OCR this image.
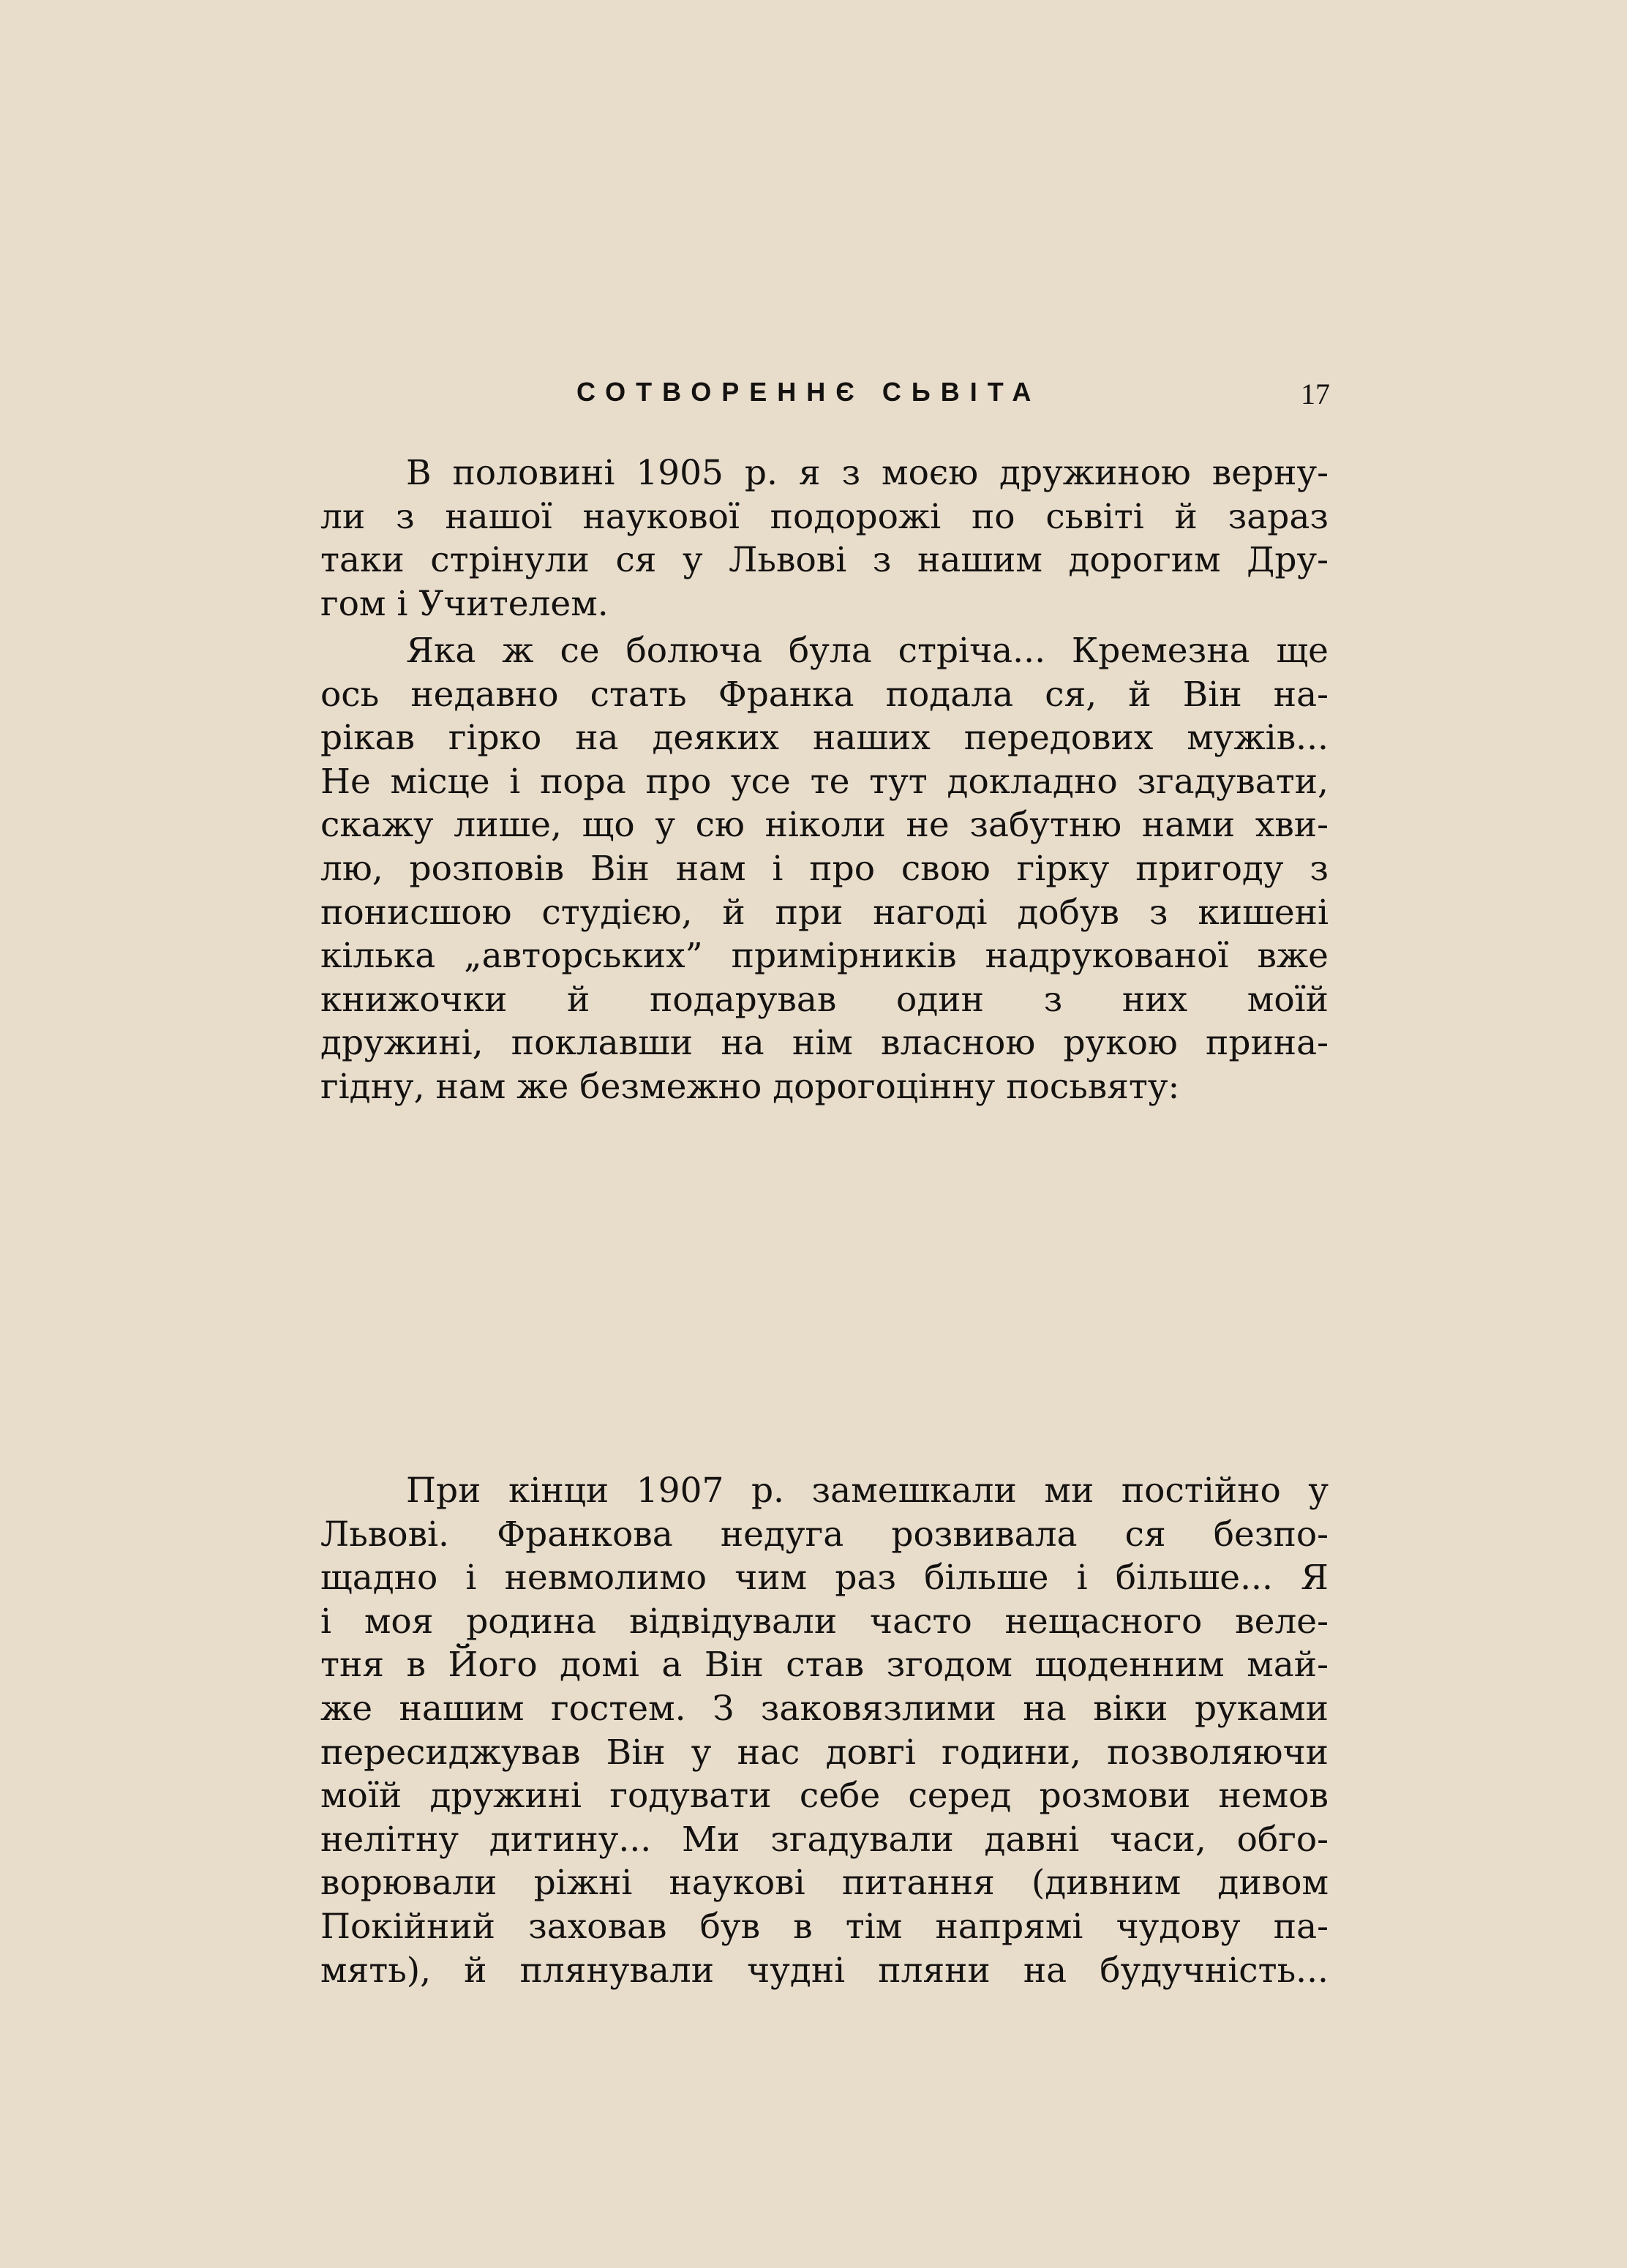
СОТВОРЕННЄ СЬВІТА	17

В половині 1905 р. я з моєю дружиною верну-
ли з нашої наукової подорожі по сьвіті й зараз
таки стрінули ся у Львові з нашим дорогим Дру-
гом і Учителем.

Яка ж се болюча була стріча... Кремезна ще
ось недавно стать Франка подала ся, й Він на-
рікав гірко на деяких наших передових мужів...
Не місце і пора про усе те тут докладно згадувати,
скажу лише, що у сю ніколи не забутню нами хви-
лю, розповів Він нам і про свою гірку пригоду з
понисшою студією, й при нагоді добув з кишені
кілька „авторських” примірників надрукованої вже
книжочки й подарував один з них моїй
дружині, поклавши на нім власною рукою прина-
гідну, нам же безмежно дорогоцінну посьвяту:

При кінци 1907 р. замешкали ми постійно у
Львові. Франкова недуга розвивала ся безпо-
щадно і невмолимо чим раз більше і більше... Я
і моя родина відвідували часто нещасного веле-
тня в Його домі а Він став згодом щоденним май-
же нашим гостем. З заковязлими на віки руками
пересиджував Він у нас довгі години, позволяючи
моїй дружині годувати себе серед розмови немов
нелітну дитину... Ми згадували давні часи, обго-
ворювали ріжні наукові питання (дивним дивом
Покійний заховав був в тім напрямі чудову па-
мять), й плянували чудні пляни на будучність...
